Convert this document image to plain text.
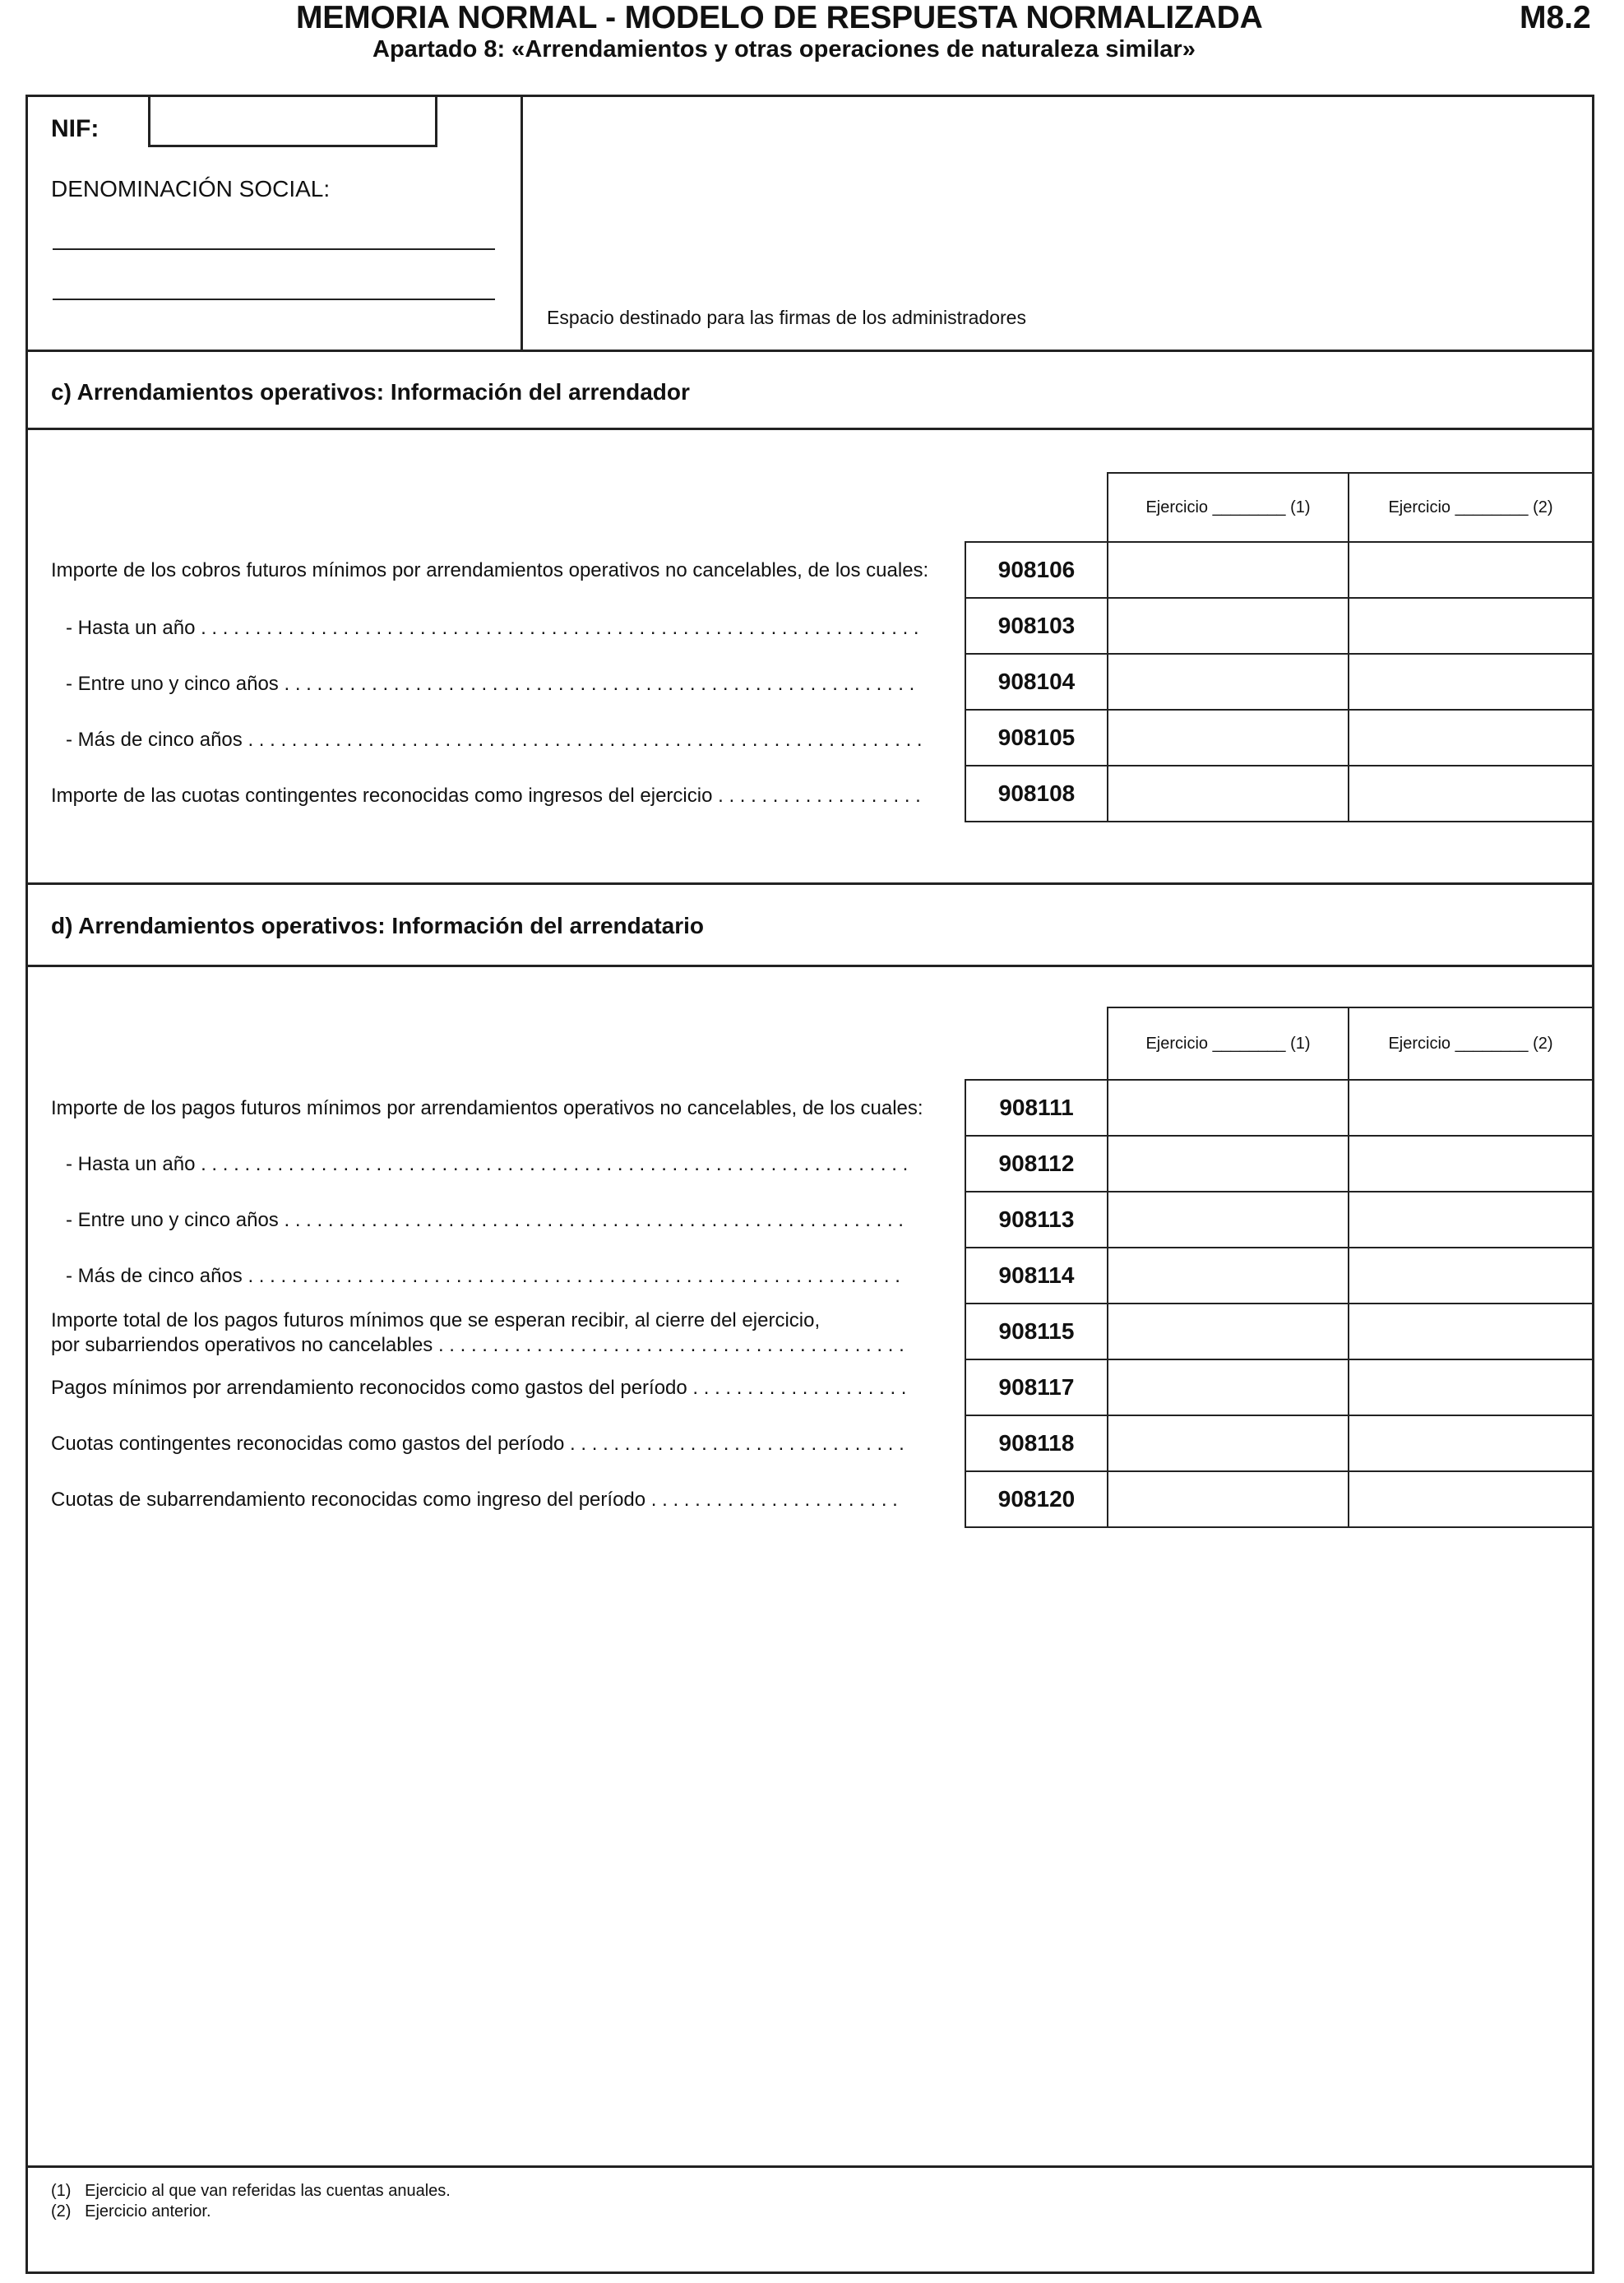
MEMORIA NORMAL - MODELO DE RESPUESTA NORMALIZADA	M8.2
Apartado 8: «Arrendamientos y otras operaciones de naturaleza similar»
NIF:
DENOMINACIÓN SOCIAL:
Espacio destinado para las firmas de los administradores
c) Arrendamientos operativos: Información del arrendador
Ejercicio ________ (1)	Ejercicio ________ (2)
Importe de los cobros futuros mínimos por arrendamientos operativos no cancelables, de los cuales:	908106
- Hasta un año . . . . . . . . . . . . . . . . . . . . . . . . . . . . . . . . . . . . . . . . . . . . . . . . . . . . . . . . . . . . . . . . . .	908103
- Entre uno y cinco años . . . . . . . . . . . . . . . . . . . . . . . . . . . . . . . . . . . . . . . . . . . . . . . . . . . . . . . . . .	908104
- Más de cinco años . . . . . . . . . . . . . . . . . . . . . . . . . . . . . . . . . . . . . . . . . . . . . . . . . . . . . . . . . . . . . .	908105
Importe de las cuotas contingentes reconocidas como ingresos del ejercicio . . . . . . . . . . . . . . . . . . .	908108
d) Arrendamientos operativos: Información del arrendatario
Ejercicio ________ (1)	Ejercicio ________ (2)
Importe de los pagos futuros mínimos por arrendamientos operativos no cancelables, de los cuales:	908111
- Hasta un año . . . . . . . . . . . . . . . . . . . . . . . . . . . . . . . . . . . . . . . . . . . . . . . . . . . . . . . . . . . . . . . . .	908112
- Entre uno y cinco años . . . . . . . . . . . . . . . . . . . . . . . . . . . . . . . . . . . . . . . . . . . . . . . . . . . . . . . . .	908113
- Más de cinco años . . . . . . . . . . . . . . . . . . . . . . . . . . . . . . . . . . . . . . . . . . . . . . . . . . . . . . . . . . . .	908114
Importe total de los pagos futuros mínimos que se esperan recibir, al cierre del ejercicio,
por subarriendos operativos no cancelables . . . . . . . . . . . . . . . . . . . . . . . . . . . . . . . . . . . . . . . . . . .
908115
Pagos mínimos por arrendamiento reconocidos como gastos del período . . . . . . . . . . . . . . . . . . . .	908117
Cuotas contingentes reconocidas como gastos del período . . . . . . . . . . . . . . . . . . . . . . . . . . . . . . .	908118
Cuotas de subarrendamiento reconocidas como ingreso del período . . . . . . . . . . . . . . . . . . . . . . .	908120
(1)   Ejercicio al que van referidas las cuentas anuales.
(2)   Ejercicio anterior.
